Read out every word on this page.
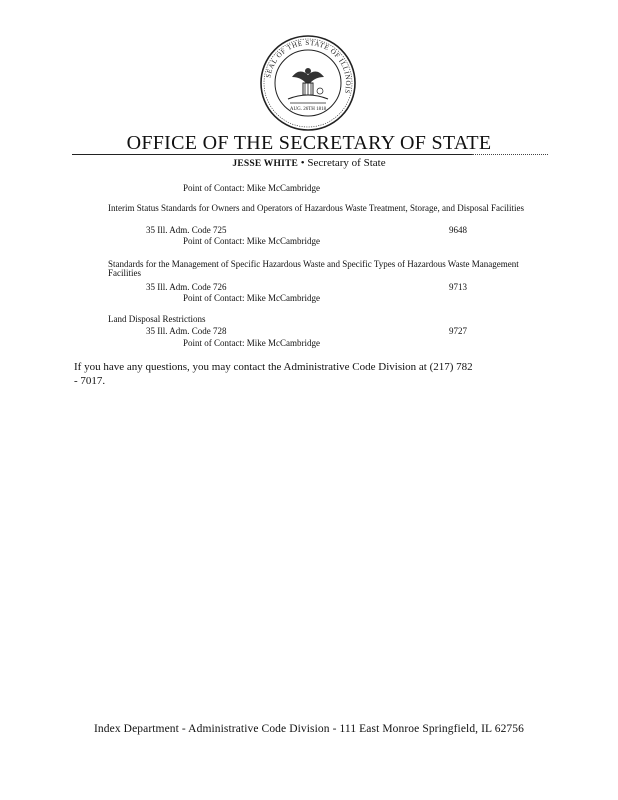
SEAL OF THE STATE OF ILLINOIS
AUG. 26TH 1818
OFFICE OF THE SECRETARY OF STATE
JESSE WHITE • Secretary of State
Point of Contact: Mike McCambridge
Interim Status Standards for Owners and Operators of Hazardous Waste Treatment, Storage, and Disposal Facilities
35 Ill. Adm. Code 725	9648
Point of Contact: Mike McCambridge
Standards for the Management of Specific Hazardous Waste and Specific Types of Hazardous Waste Management Facilities
35 Ill. Adm. Code 726	9713
Point of Contact: Mike McCambridge
Land Disposal Restrictions
35 Ill. Adm. Code 728	9727
Point of Contact: Mike McCambridge
If you have any questions, you may contact the Administrative Code Division at (217) 782 - 7017.
Index Department - Administrative Code Division - 111 East Monroe Springfield, IL 62756
